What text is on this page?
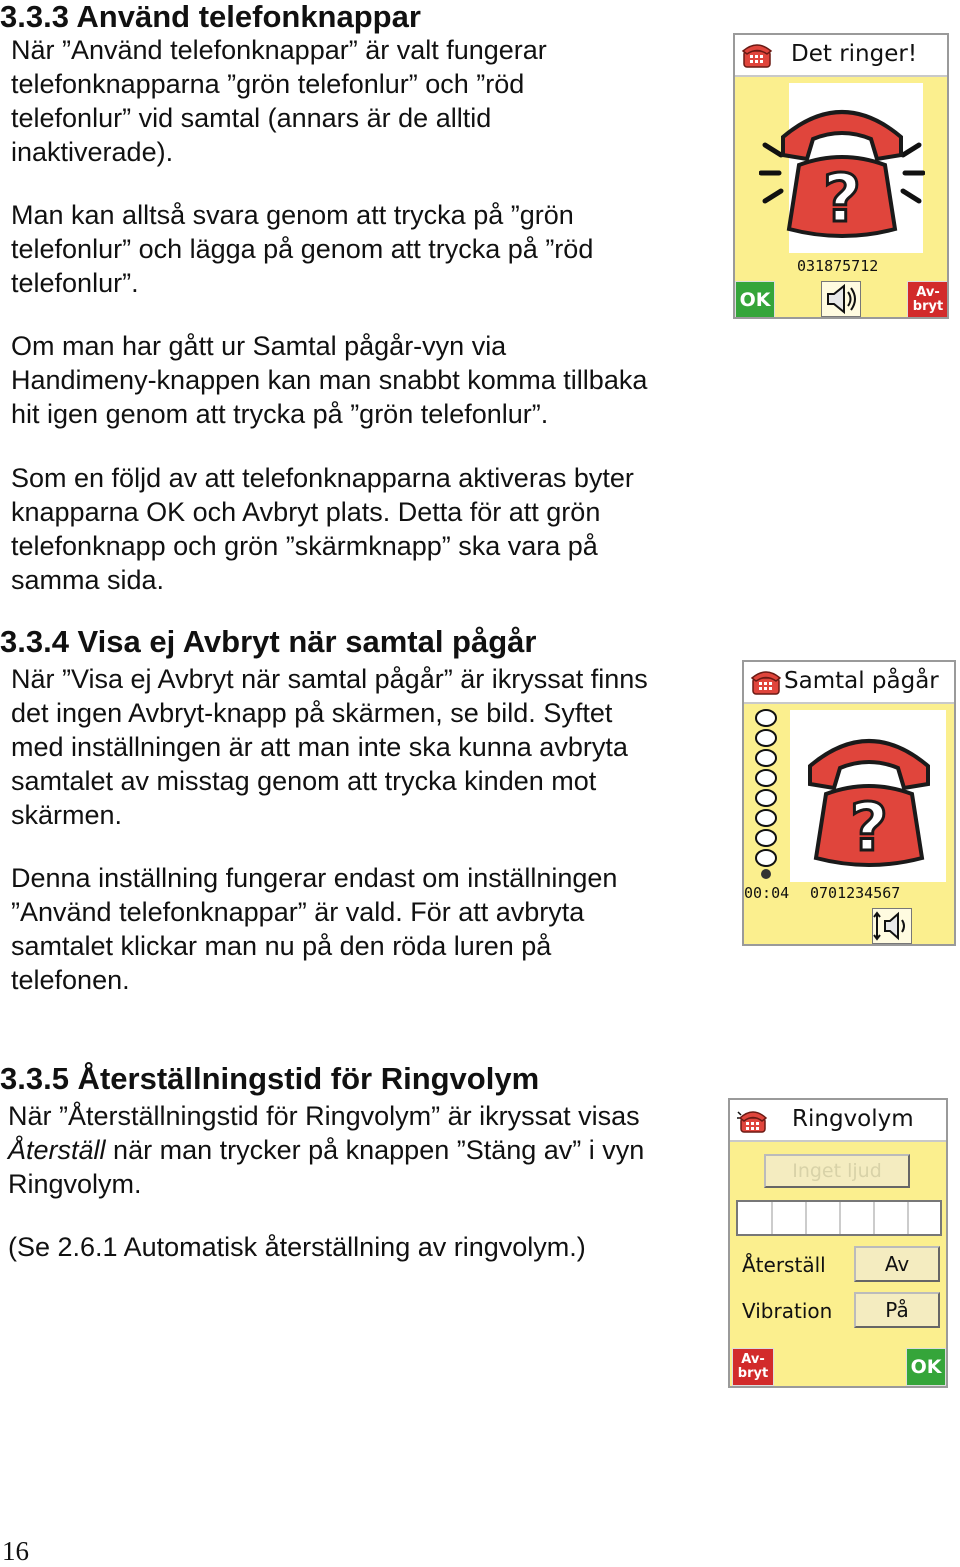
3.3.3 Använd telefonknappar

När ”Använd telefonknappar” är valt fungerar
telefonknapparna ”grön telefonlur” och ”röd
telefonlur” vid samtal (annars är de alltid
inaktiverade).

Man kan alltså svara genom att trycka på ”grön
telefonlur” och lägga på genom att trycka på ”röd
telefonlur”.

Om man har gått ur Samtal pågår-vyn via
Handimeny-knappen kan man snabbt komma tillbaka
hit igen genom att trycka på ”grön telefonlur”.

Som en följd av att telefonknapparna aktiveras byter
knapparna OK och Avbryt plats. Detta för att grön
telefonknapp och grön ”skärmknapp” ska vara på
samma sida.

Det ringer!
?
031875712
OK	Av-
bryt
3.3.4 Visa ej Avbryt när samtal pågår

När ”Visa ej Avbryt när samtal pågår” är ikryssat finns
det ingen Avbryt-knapp på skärmen, se bild. Syftet
med inställningen är att man inte ska kunna avbryta
samtalet av misstag genom att trycka kinden mot
skärmen.

Denna inställning fungerar endast om inställningen
”Använd telefonknappar” är vald. För att avbryta
samtalet klickar man nu på den röda luren på
telefonen.

Samtal pågår
?
00:04 0701234567
3.3.5 Återställningstid för Ringvolym

När ”Återställningstid för Ringvolym” är ikryssat visas
Återställ när man trycker på knappen ”Stäng av” i vyn
Ringvolym.

(Se 2.6.1 Automatisk återställning av ringvolym.)

Ringvolym
Inget ljud
Återställ	Av
Vibration	På
Av-
bryt	OK
16
